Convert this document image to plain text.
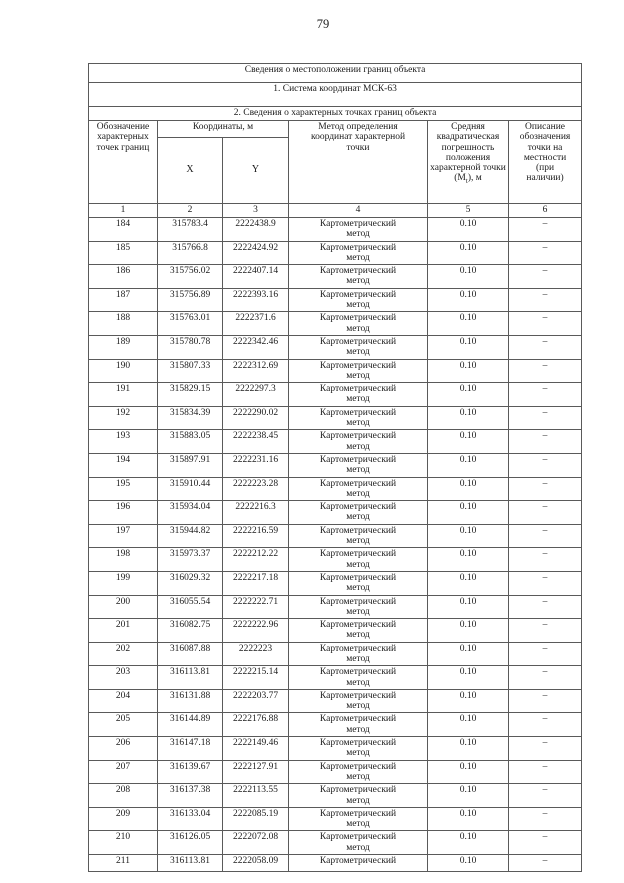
79
Сведения о местоположении границ объекта					
1. Система координат МСК-63					
2. Сведения о характерных точках границ объекта					
Обозначение характерных точек границ	Координаты, м		Метод определения координат характерной точки	Средняя квадратическая погрешность положения характерной точки $(M_t)$, м	Описание обозначения точки на местности (при наличии)
	X	Y			
1	2	3	4	5	6
184	315783.4	2222438.9	Картометрический метод	0.10	–
185	315766.8	2222424.92	Картометрический метод	0.10	–
186	315756.02	2222407.14	Картометрический метод	0.10	–
187	315756.89	2222393.16	Картометрический метод	0.10	–
188	315763.01	2222371.6	Картометрический метод	0.10	–
189	315780.78	2222342.46	Картометрический метод	0.10	–
190	315807.33	2222312.69	Картометрический метод	0.10	–
191	315829.15	2222297.3	Картометрический метод	0.10	–
192	315834.39	2222290.02	Картометрический метод	0.10	–
193	315883.05	2222238.45	Картометрический метод	0.10	–
194	315897.91	2222231.16	Картометрический метод	0.10	–
195	315910.44	2222223.28	Картометрический метод	0.10	–
196	315934.04	2222216.3	Картометрический метод	0.10	–
197	315944.82	2222216.59	Картометрический метод	0.10	–
198	315973.37	2222212.22	Картометрический метод	0.10	–
199	316029.32	2222217.18	Картометрический метод	0.10	–
200	316055.54	2222222.71	Картометрический метод	0.10	–
201	316082.75	2222222.96	Картометрический метод	0.10	–
202	316087.88	2222223	Картометрический метод	0.10	–
203	316113.81	2222215.14	Картометрический метод	0.10	–
204	316131.88	2222203.77	Картометрический метод	0.10	–
205	316144.89	2222176.88	Картометрический метод	0.10	–
206	316147.18	2222149.46	Картометрический метод	0.10	–
207	316139.67	2222127.91	Картометрический метод	0.10	–
208	316137.38	2222113.55	Картометрический метод	0.10	–
209	316133.04	2222085.19	Картометрический метод	0.10	–
210	316126.05	2222072.08	Картометрический метод	0.10	–
211	316113.81	2222058.09	Картометрический	0.10	–
